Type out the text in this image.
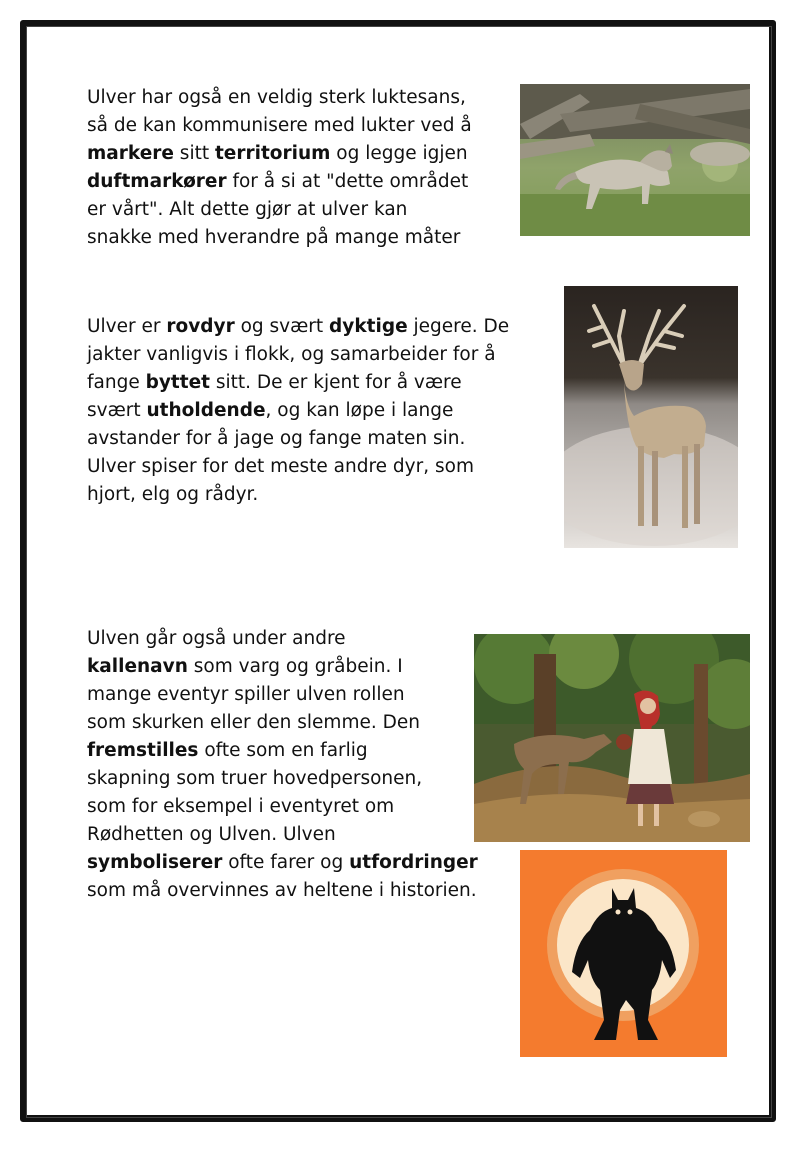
Ulver har også en veldig sterk luktesans,
så de kan kommunisere med lukter ved å
markere sitt territorium og legge igjen
duftmarkører for å si at "dette området
er vårt". Alt dette gjør at ulver kan
snakke med hverandre på mange måter
Ulver er rovdyr og svært dyktige jegere. De
jakter vanligvis i flokk, og samarbeider for å
fange byttet sitt. De er kjent for å være
svært utholdende, og kan løpe i lange
avstander for å jage og fange maten sin.
Ulver spiser for det meste andre dyr, som
hjort, elg og rådyr.
Ulven går også under andre
kallenavn som varg og gråbein. I
mange eventyr spiller ulven rollen
som skurken eller den slemme. Den
fremstilles ofte som en farlig
skapning som truer hovedpersonen,
som for eksempel i eventyret om
Rødhetten og Ulven. Ulven
symboliserer ofte farer og utfordringer
som må overvinnes av heltene i historien.
